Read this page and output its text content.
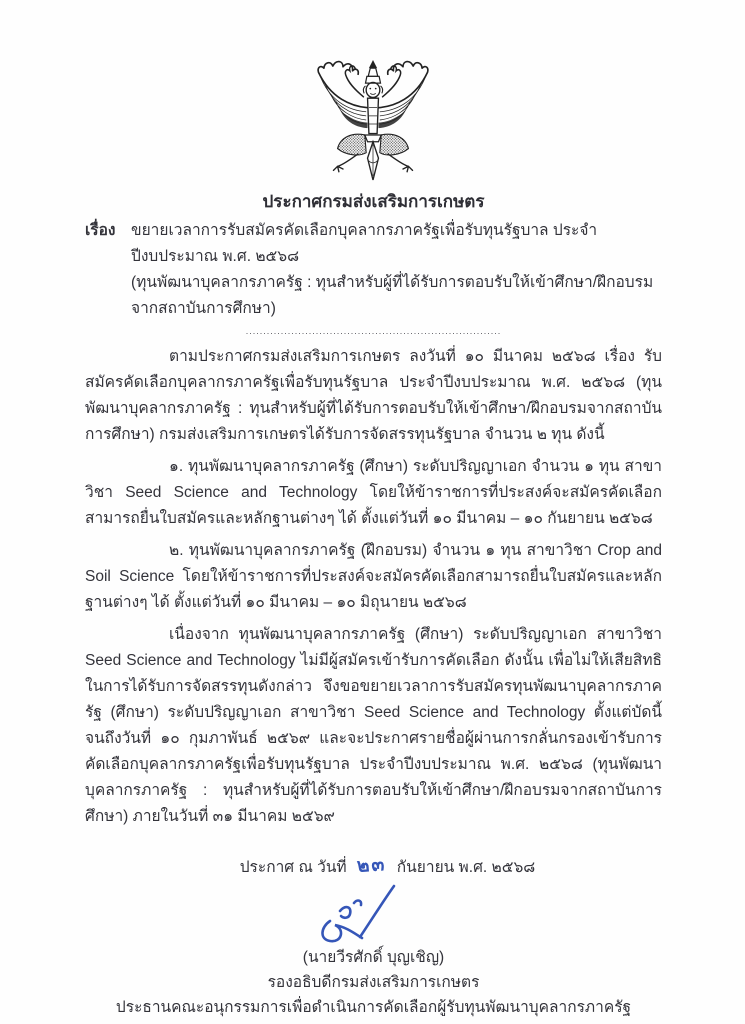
ประกาศกรมส่งเสริมการเกษตร
เรื่อง ขยายเวลาการรับสมัครคัดเลือกบุคลากรภาครัฐเพื่อรับทุนรัฐบาล ประจำปีงบประมาณ พ.ศ. ๒๕๖๘
(ทุนพัฒนาบุคลากรภาครัฐ : ทุนสำหรับผู้ที่ได้รับการตอบรับให้เข้าศึกษา/ฝึกอบรมจากสถาบันการศึกษา)
.........................................................................

ตามประกาศกรมส่งเสริมการเกษตร ลงวันที่ ๑๐ มีนาคม ๒๕๖๘ เรื่อง รับสมัครคัดเลือกบุคลากรภาครัฐเพื่อรับทุนรัฐบาล ประจำปีงบประมาณ พ.ศ. ๒๕๖๘ (ทุนพัฒนาบุคลากรภาครัฐ : ทุนสำหรับผู้ที่ได้รับการตอบรับให้เข้าศึกษา/ฝึกอบรมจากสถาบันการศึกษา) กรมส่งเสริมการเกษตรได้รับการจัดสรรทุนรัฐบาล จำนวน ๒ ทุน ดังนี้

๑. ทุนพัฒนาบุคลากรภาครัฐ (ศึกษา) ระดับปริญญาเอก จำนวน ๑ ทุน สาขาวิชา Seed Science and Technology โดยให้ข้าราชการที่ประสงค์จะสมัครคัดเลือกสามารถยื่นใบสมัครและหลักฐานต่างๆ ได้ ตั้งแต่วันที่ ๑๐ มีนาคม – ๑๐ กันยายน ๒๕๖๘

๒. ทุนพัฒนาบุคลากรภาครัฐ (ฝึกอบรม) จำนวน ๑ ทุน สาขาวิชา Crop and Soil Science โดยให้ข้าราชการที่ประสงค์จะสมัครคัดเลือกสามารถยื่นใบสมัครและหลักฐานต่างๆ ได้ ตั้งแต่วันที่ ๑๐ มีนาคม – ๑๐ มิถุนายน ๒๕๖๘

เนื่องจาก ทุนพัฒนาบุคลากรภาครัฐ (ศึกษา) ระดับปริญญาเอก สาขาวิชา Seed Science and Technology ไม่มีผู้สมัครเข้ารับการคัดเลือก ดังนั้น เพื่อไม่ให้เสียสิทธิในการได้รับการจัดสรรทุนดังกล่าว จึงขอขยายเวลาการรับสมัครทุนพัฒนาบุคลากรภาครัฐ (ศึกษา) ระดับปริญญาเอก สาขาวิชา Seed Science and Technology ตั้งแต่บัดนี้ จนถึงวันที่ ๑๐ กุมภาพันธ์ ๒๕๖๙ และจะประกาศรายชื่อผู้ผ่านการกลั่นกรองเข้ารับการคัดเลือกบุคลากรภาครัฐเพื่อรับทุนรัฐบาล ประจำปีงบประมาณ พ.ศ. ๒๕๖๘ (ทุนพัฒนาบุคลากรภาครัฐ : ทุนสำหรับผู้ที่ได้รับการตอบรับให้เข้าศึกษา/ฝึกอบรมจากสถาบันการศึกษา) ภายในวันที่ ๓๑ มีนาคม ๒๕๖๙

ประกาศ ณ วันที่ ๒๓ กันยายน พ.ศ. ๒๕๖๘
(นายวีรศักดิ์ บุญเชิญ)
รองอธิบดีกรมส่งเสริมการเกษตร
ประธานคณะอนุกรรมการเพื่อดำเนินการคัดเลือกผู้รับทุนพัฒนาบุคลากรภาครัฐ
